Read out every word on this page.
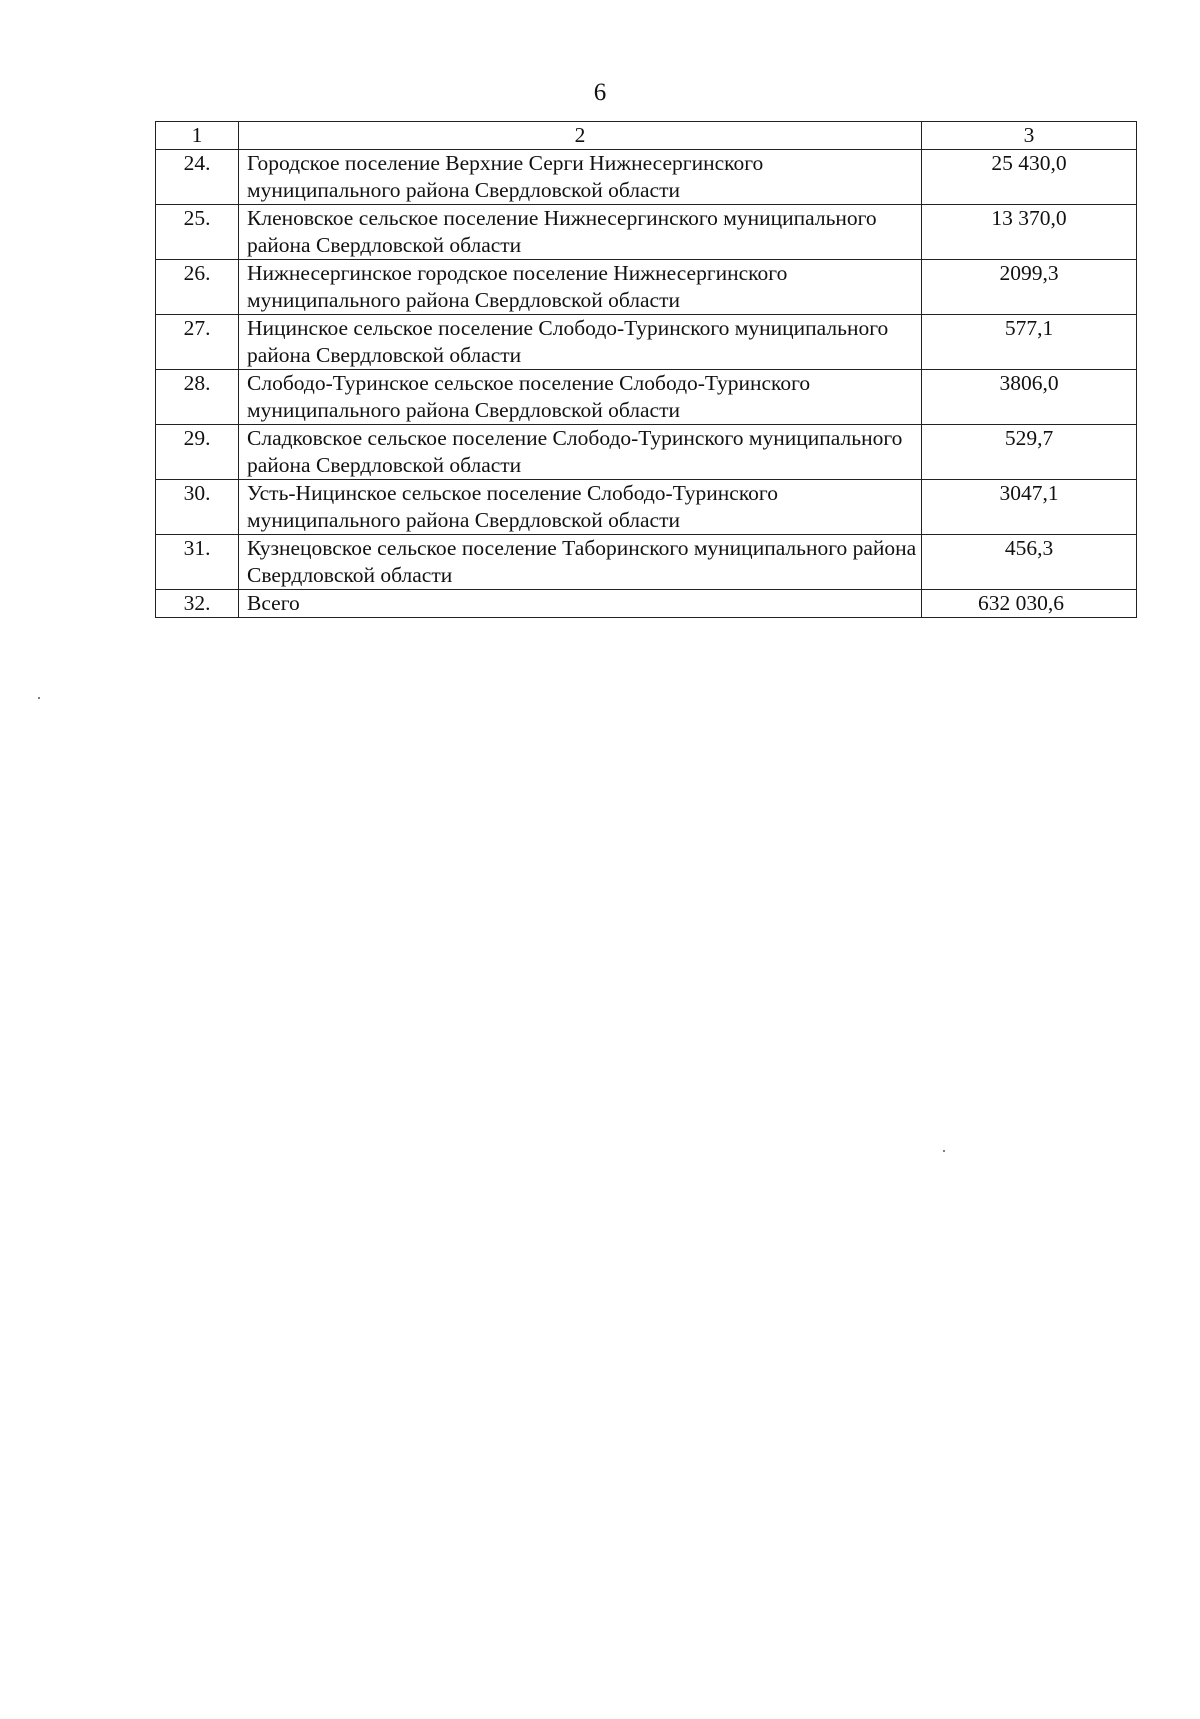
6
1	2	3
24.	Городское поселение Верхние Серги Нижнесергинского муниципального района Свердловской области	25 430,0
25.	Кленовское сельское поселение Нижнесергинского муниципального района Свердловской области	13 370,0
26.	Нижнесергинское городское поселение Нижнесергинского муниципального района Свердловской области	2099,3
27.	Ницинское сельское поселение Слободо-Туринского муниципального района Свердловской области	577,1
28.	Слободо-Туринское сельское поселение Слободо-Туринского муниципального района Свердловской области	3806,0
29.	Сладковское сельское поселение Слободо-Туринского муниципального района Свердловской области	529,7
30.	Усть-Ницинское сельское поселение Слободо-Туринского муниципального района Свердловской области	3047,1
31.	Кузнецовское сельское поселение Таборинского муниципального района Свердловской области	456,3
32.	Всего	632 030,6
